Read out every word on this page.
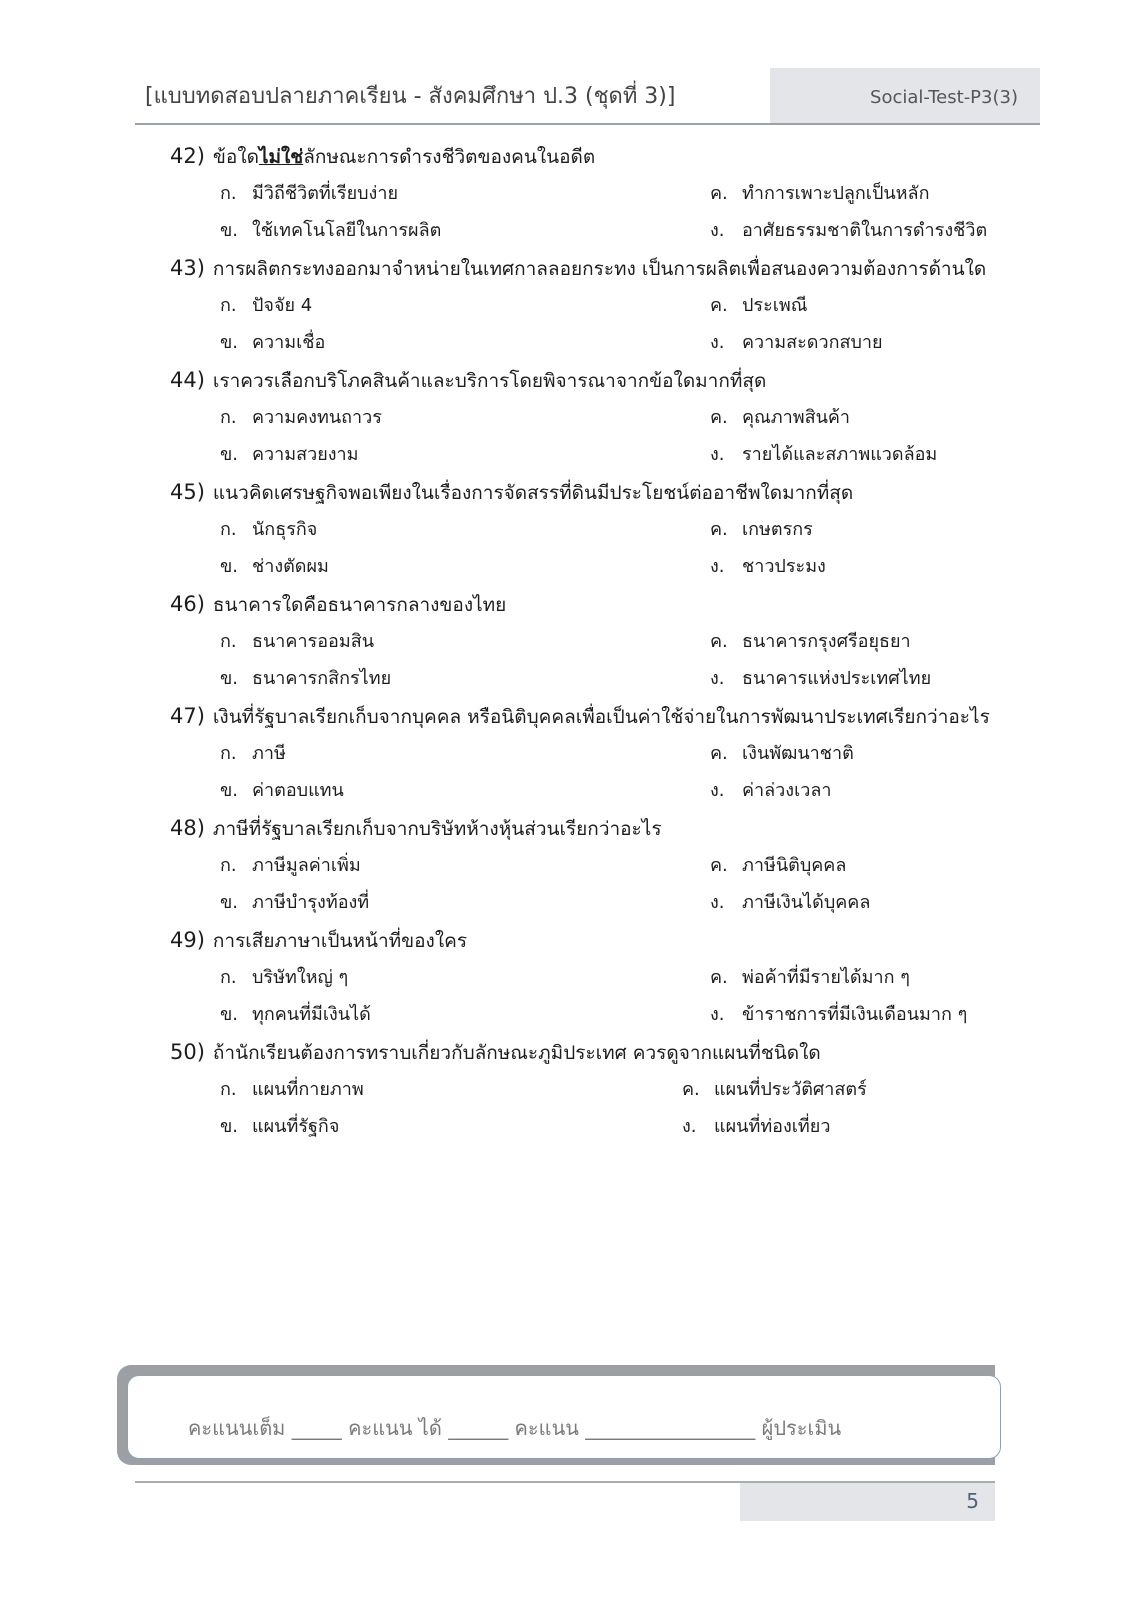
[แบบทดสอบปลายภาคเรียน - สังคมศึกษา ป.3 (ชุดที่ 3)]	Social-Test-P3(3)
42) ข้อใดไม่ใช่ลักษณะการดำรงชีวิตของคนในอดีต
ก. มีวิถีชีวิตที่เรียบง่าย	ค. ทำการเพาะปลูกเป็นหลัก
ข. ใช้เทคโนโลยีในการผลิต	ง. อาศัยธรรมชาติในการดำรงชีวิต
43) การผลิตกระทงออกมาจำหน่ายในเทศกาลลอยกระทง เป็นการผลิตเพื่อสนองความต้องการด้านใด
ก. ปัจจัย 4	ค. ประเพณี
ข. ความเชื่อ	ง. ความสะดวกสบาย
44) เราควรเลือกบริโภคสินค้าและบริการโดยพิจารณาจากข้อใดมากที่สุด
ก. ความคงทนถาวร	ค. คุณภาพสินค้า
ข. ความสวยงาม	ง. รายได้และสภาพแวดล้อม
45) แนวคิดเศรษฐกิจพอเพียงในเรื่องการจัดสรรที่ดินมีประโยชน์ต่ออาชีพใดมากที่สุด
ก. นักธุรกิจ	ค. เกษตรกร
ข. ช่างตัดผม	ง. ชาวประมง
46) ธนาคารใดคือธนาคารกลางของไทย
ก. ธนาคารออมสิน	ค. ธนาคารกรุงศรีอยุธยา
ข. ธนาคารกสิกรไทย	ง. ธนาคารแห่งประเทศไทย
47) เงินที่รัฐบาลเรียกเก็บจากบุคคล หรือนิติบุคคลเพื่อเป็นค่าใช้จ่ายในการพัฒนาประเทศเรียกว่าอะไร
ก. ภาษี	ค. เงินพัฒนาชาติ
ข. ค่าตอบแทน	ง. ค่าล่วงเวลา
48) ภาษีที่รัฐบาลเรียกเก็บจากบริษัทห้างหุ้นส่วนเรียกว่าอะไร
ก. ภาษีมูลค่าเพิ่ม	ค. ภาษีนิติบุคคล
ข. ภาษีบำรุงท้องที่	ง. ภาษีเงินได้บุคคล
49) การเสียภาษาเป็นหน้าที่ของใคร
ก. บริษัทใหญ่ ๆ	ค. พ่อค้าที่มีรายได้มาก ๆ
ข. ทุกคนที่มีเงินได้	ง. ข้าราชการที่มีเงินเดือนมาก ๆ
50) ถ้านักเรียนต้องการทราบเกี่ยวกับลักษณะภูมิประเทศ ควรดูจากแผนที่ชนิดใด
ก. แผนที่กายภาพ	ค. แผนที่ประวัติศาสตร์
ข. แผนที่รัฐกิจ	ง. แผนที่ท่องเที่ยว
คะแนนเต็ม _____ คะแนน ได้ ______ คะแนน _________________ ผู้ประเมิน
5
